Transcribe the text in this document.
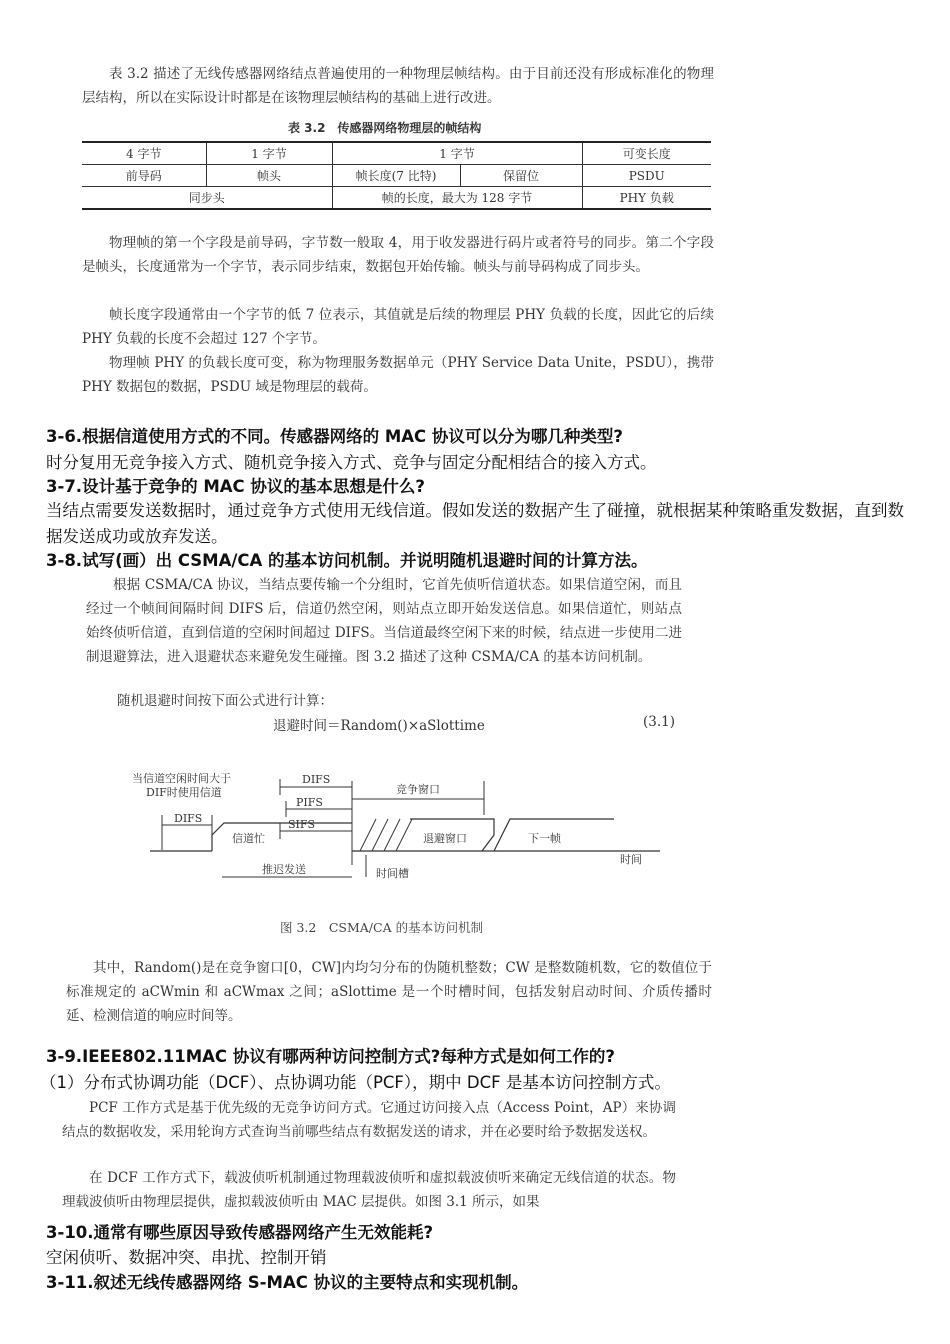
表 3.2 描述了无线传感器网络结点普遍使用的一种物理层帧结构。由于目前还没有形成标准化的物理层结构，所以在实际设计时都是在该物理层帧结构的基础上进行改进。
表 3.2　传感器网络物理层的帧结构
4 字节	1 字节	1 字节		可变长度
前导码	帧头	帧长度(7 比特)	保留位	PSDU
同步头		帧的长度，最大为 128 字节		PHY 负载
物理帧的第一个字段是前导码，字节数一般取 4，用于收发器进行码片或者符号的同步。第二个字段是帧头，长度通常为一个字节，表示同步结束，数据包开始传输。帧头与前导码构成了同步头。
帧长度字段通常由一个字节的低 7 位表示，其值就是后续的物理层 PHY 负载的长度，因此它的后续 PHY 负载的长度不会超过 127 个字节。
物理帧 PHY 的负载长度可变，称为物理服务数据单元（PHY Service Data Unite，PSDU），携带 PHY 数据包的数据，PSDU 域是物理层的载荷。
3-6.根据信道使用方式的不同。传感器网络的 MAC 协议可以分为哪几种类型?
时分复用无竞争接入方式、随机竞争接入方式、竞争与固定分配相结合的接入方式。
3-7.设计基于竞争的 MAC 协议的基本思想是什么?
当结点需要发送数据时，通过竞争方式使用无线信道。假如发送的数据产生了碰撞，就根据某种策略重发数据，直到数据发送成功或放弃发送。
3-8.试写(画）出 CSMA/CA 的基本访问机制。并说明随机退避时间的计算方法。
根据 CSMA/CA 协议，当结点要传输一个分组时，它首先侦听信道状态。如果信道空闲，而且经过一个帧间间隔时间 DIFS 后，信道仍然空闲，则站点立即开始发送信息。如果信道忙，则站点始终侦听信道，直到信道的空闲时间超过 DIFS。当信道最终空闲下来的时候，结点进一步使用二进制退避算法，进入退避状态来避免发生碰撞。图 3.2 描述了这种 CSMA/CA 的基本访问机制。
随机退避时间按下面公式进行计算：
退避时间＝Random()×aSlottime	(3.1)
当信道空闲时间大于
DIF时使用信道
DIFS
信道忙
DIFS
PIFS
SIFS
竞争窗口
退避窗口	下一帧
时间
推迟发送	时间槽
图 3.2　CSMA/CA 的基本访问机制
其中，Random()是在竞争窗口[0，CW]内均匀分布的伪随机整数；CW 是整数随机数，它的数值位于标准规定的 aCWmin 和 aCWmax 之间；aSlottime 是一个时槽时间，包括发射启动时间、介质传播时延、检测信道的响应时间等。
3-9.IEEE802.11MAC 协议有哪两种访问控制方式?每种方式是如何工作的?
（1）分布式协调功能（DCF）、点协调功能（PCF），期中 DCF 是基本访问控制方式。
PCF 工作方式是基于优先级的无竞争访问方式。它通过访问接入点（Access Point，AP）来协调结点的数据收发，采用轮询方式查询当前哪些结点有数据发送的请求，并在必要时给予数据发送权。
在 DCF 工作方式下，载波侦听机制通过物理载波侦听和虚拟载波侦听来确定无线信道的状态。物理载波侦听由物理层提供，虚拟载波侦听由 MAC 层提供。如图 3.1 所示，如果
3-10.通常有哪些原因导致传感器网络产生无效能耗?
空闲侦听、数据冲突、串扰、控制开销
3-11.叙述无线传感器网络 S-MAC 协议的主要特点和实现机制。
